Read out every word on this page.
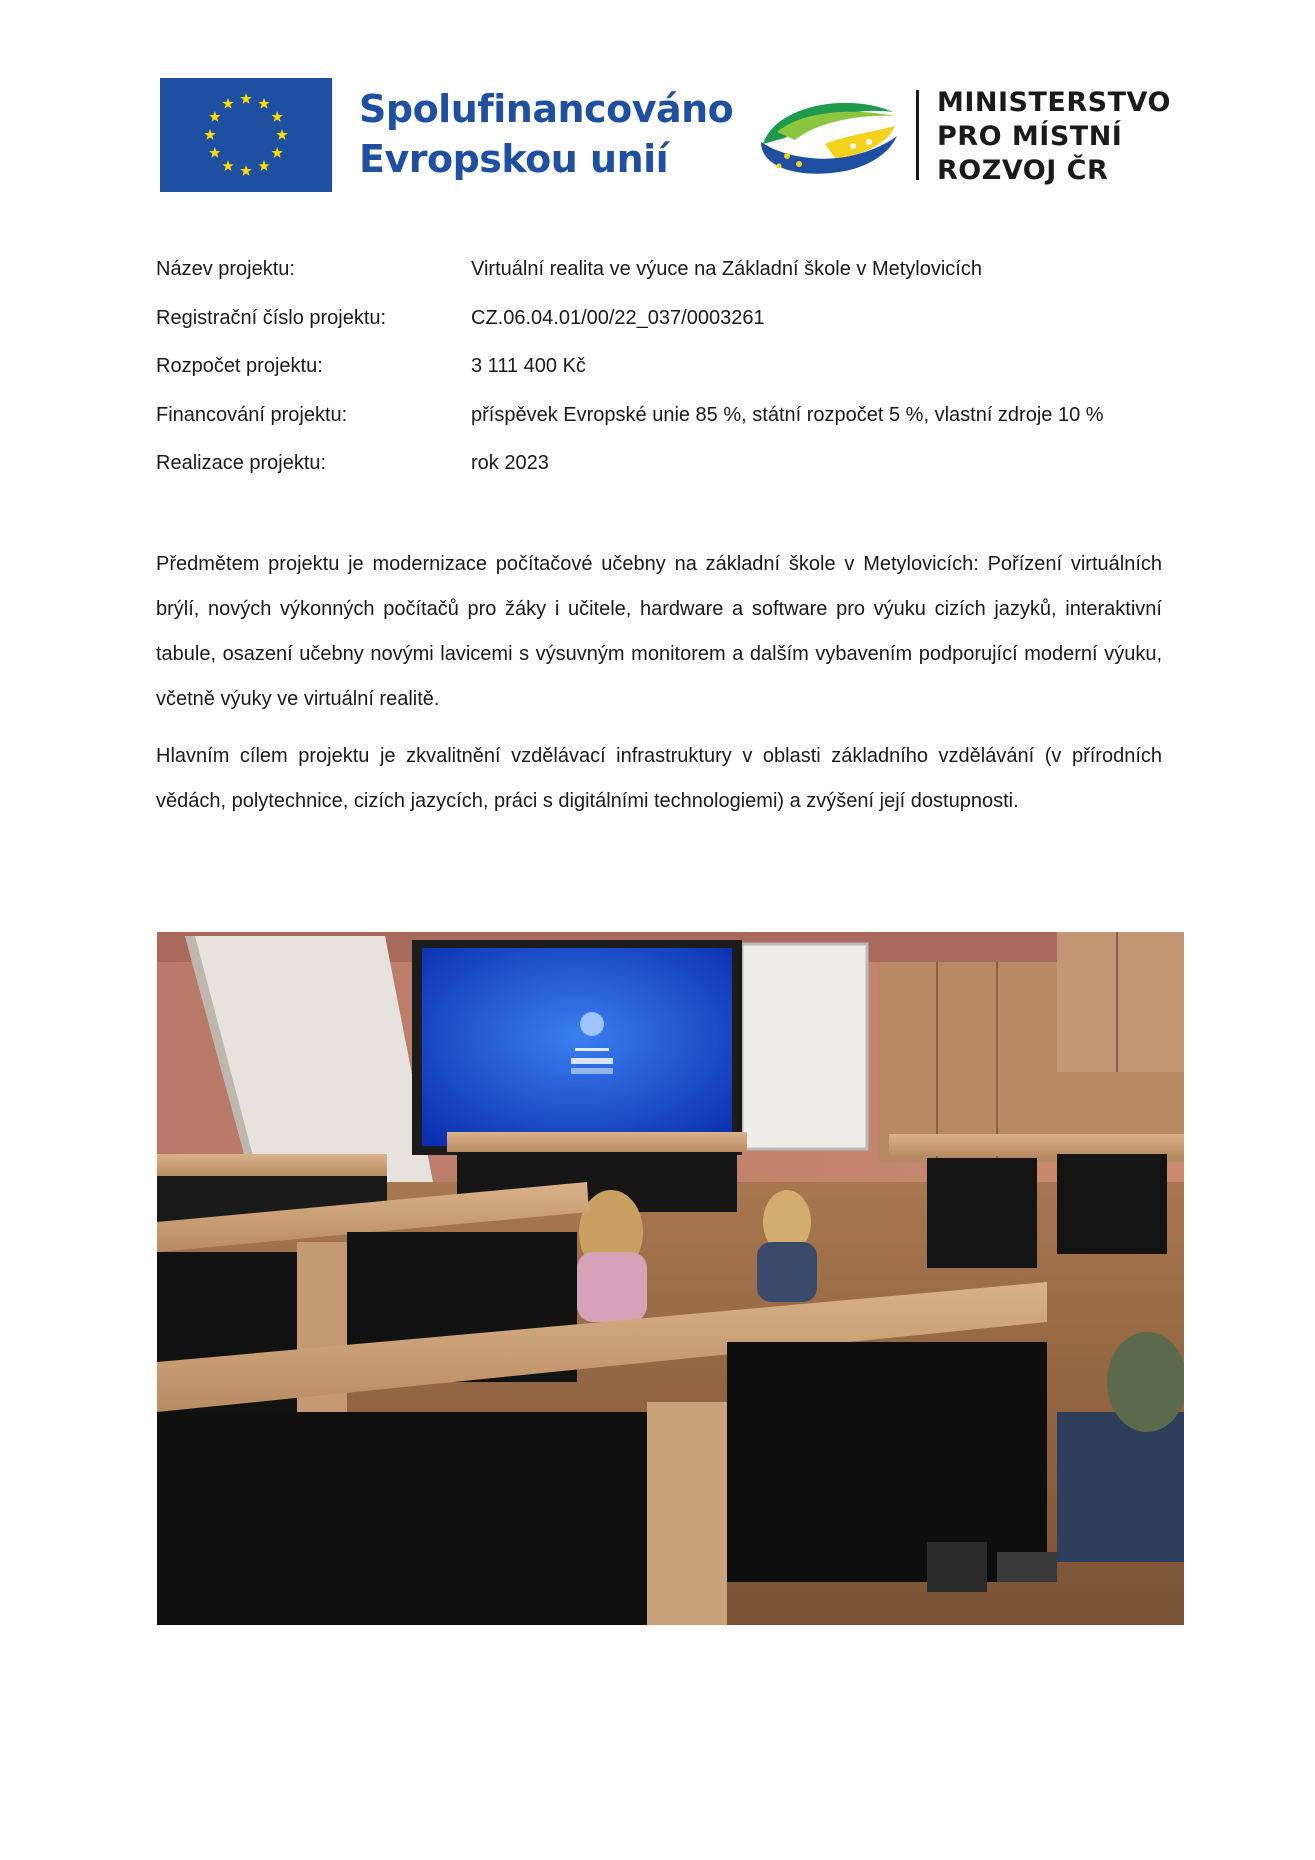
Spolufinancováno
Evropskou unií
MINISTERSTVO
PRO MÍSTNÍ
ROZVOJ ČR
Název projektu:	Virtuální realita ve výuce na Základní škole v Metylovicích
Registrační číslo projektu:	CZ.06.04.01/00/22_037/0003261
Rozpočet projektu:	3 111 400 Kč
Financování projektu:	příspěvek Evropské unie 85 %, státní rozpočet 5 %, vlastní zdroje 10 %
Realizace projektu:	rok 2023

Předmětem projektu je modernizace počítačové učebny na základní škole v Metylovicích: Pořízení virtuálních brýlí, nových výkonných počítačů pro žáky i učitele, hardware a software pro výuku cizích jazyků, interaktivní tabule, osazení učebny novými lavicemi s výsuvným monitorem a dalším vybavením podporující moderní výuku, včetně výuky ve virtuální realitě.

Hlavním cílem projektu je zkvalitnění vzdělávací infrastruktury v oblasti základního vzdělávání (v přírodních vědách, polytechnice, cizích jazycích, práci s digitálními technologiemi) a zvýšení její dostupnosti.
